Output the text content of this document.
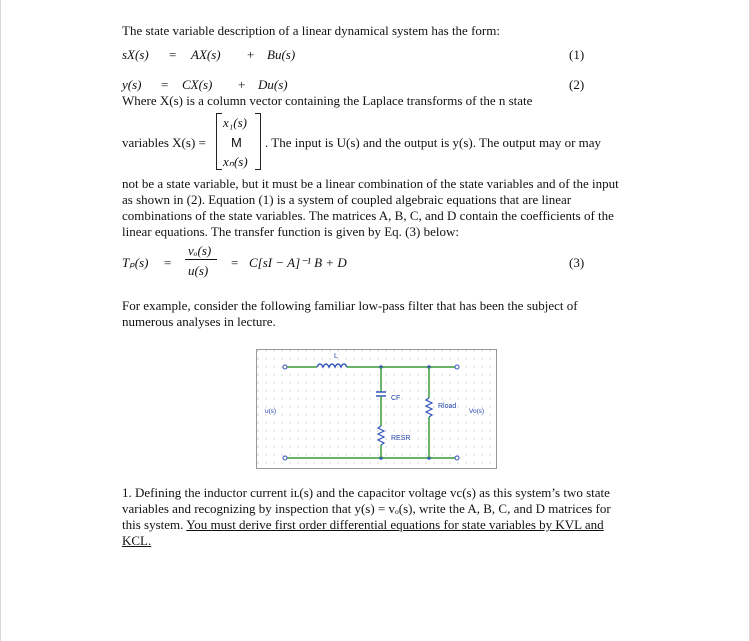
The state variable description of a linear dynamical system has the form:
sX(s) = AX(s) + Bu(s)	(1)
y(s) = CX(s) + Du(s)	(2)
Where X(s) is a column vector containing the Laplace transforms of the n state
variables X(s) =
x₁(s)
M
xₙ(s)
. The input is U(s) and the output is y(s). The output may or may
not be a state variable, but it must be a linear combination of the state variables and of the input as shown in (2). Equation (1) is a system of coupled algebraic equations that are linear combinations of the state variables. The matrices A, B, C, and D contain the coefficients of the linear equations. The transfer function is given by Eq. (3) below:
Tₚ(s) =
vₒ(s)
u(s)
= C[sI − A]⁻¹ B + D	(3)
For example, consider the following familiar low-pass filter that has been the subject of numerous analyses in lecture.
L
CF
Rload
RESR
u(s)	Vo(s)
1. Defining the inductor current iʟ(s) and the capacitor voltage vc(s) as this system’s two state variables and recognizing by inspection that y(s) = vₒ(s), write the A, B, C, and D matrices for this system. You must derive first order differential equations for state variables by KVL and KCL.
